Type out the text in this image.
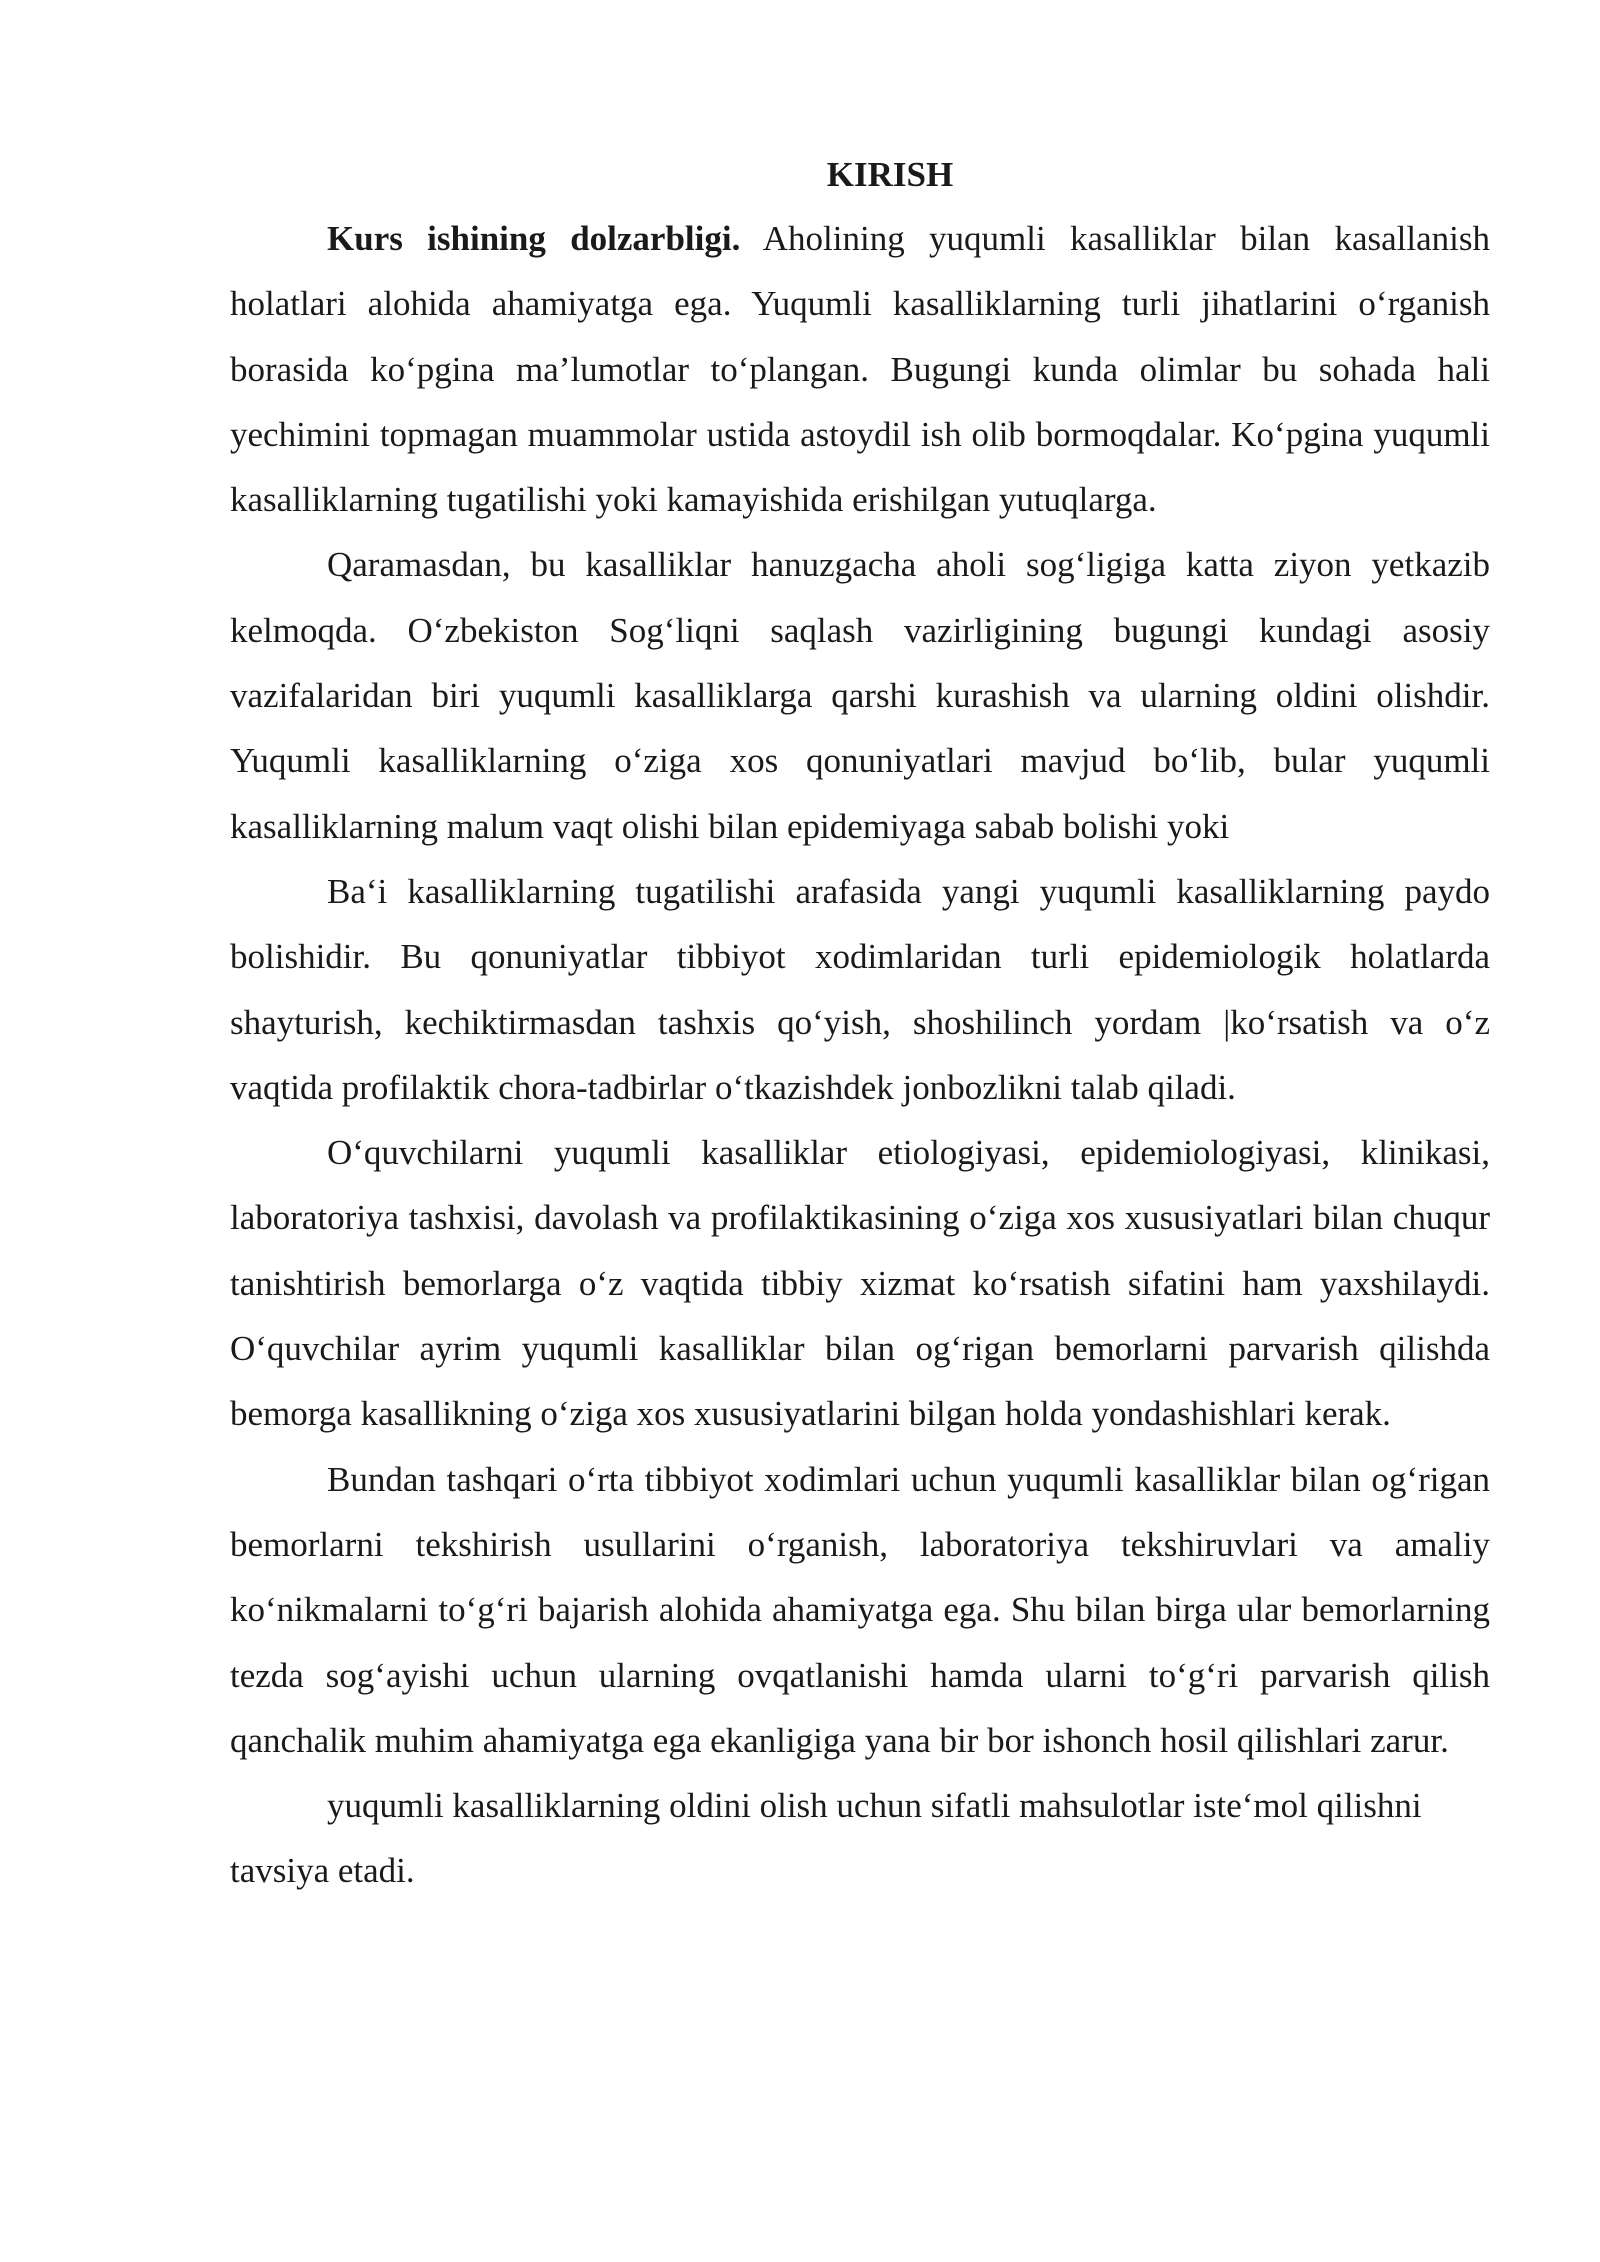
KIRISH

Kurs ishining dolzarbligi. Aholining yuqumli kasalliklar bilan kasallanish holatlari alohida ahamiyatga ega. Yuqumli kasalliklarning turli jihatlarini o‘rganish borasida ko‘pgina ma’lumotlar to‘plangan. Bugungi kunda olimlar bu sohada hali yechimini topmagan muammolar ustida astoydil ish olib bormoqdalar. Ko‘pgina yuqumli kasalliklarning tugatilishi yoki kamayishida erishilgan yutuqlarga.

Qaramasdan, bu kasalliklar hanuzgacha aholi sog‘ligiga katta ziyon yetkazib kelmoqda. O‘zbekiston Sog‘liqni saqlash vazirligining bugungi kundagi asosiy vazifalaridan biri yuqumli kasalliklarga qarshi kurashish va ularning oldini olishdir. Yuqumli kasalliklarning o‘ziga xos qonuniyatlari mavjud bo‘lib, bular yuqumli kasalliklarning malum vaqt olishi bilan epidemiyaga sabab bolishi yoki

Ba‘i kasalliklarning tugatilishi arafasida yangi yuqumli kasalliklarning paydo bolishidir. Bu qonuniyatlar tibbiyot xodimlaridan turli epidemiologik holatlarda shayturish, kechiktirmasdan tashxis qo‘yish, shoshilinch yordam |ko‘rsatish va o‘z vaqtida profilaktik chora-tadbirlar o‘tkazishdek jonbozlikni talab qiladi.

O‘quvchilarni yuqumli kasalliklar etiologiyasi, epidemiologiyasi, klinikasi, laboratoriya tashxisi, davolash va profilaktikasining o‘ziga xos xususiyatlari bilan chuqur tanishtirish bemorlarga o‘z vaqtida tibbiy xizmat ko‘rsatish sifatini ham yaxshilaydi. O‘quvchilar ayrim yuqumli kasalliklar bilan og‘rigan bemorlarni parvarish qilishda bemorga kasallikning o‘ziga xos xususiyatlarini bilgan holda yondashishlari kerak.

Bundan tashqari o‘rta tibbiyot xodimlari uchun yuqumli kasalliklar bilan og‘rigan bemorlarni tekshirish usullarini o‘rganish, laboratoriya tekshiruvlari va amaliy ko‘nikmalarni to‘g‘ri bajarish alohida ahamiyatga ega. Shu bilan birga ular bemorlarning tezda sog‘ayishi uchun ularning ovqatlanishi hamda ularni to‘g‘ri parvarish qilish qanchalik muhim ahamiyatga ega ekanligiga yana bir bor ishonch hosil qilishlari zarur.

yuqumli kasalliklarning oldini olish uchun sifatli mahsulotlar iste‘mol qilishni tavsiya etadi.
